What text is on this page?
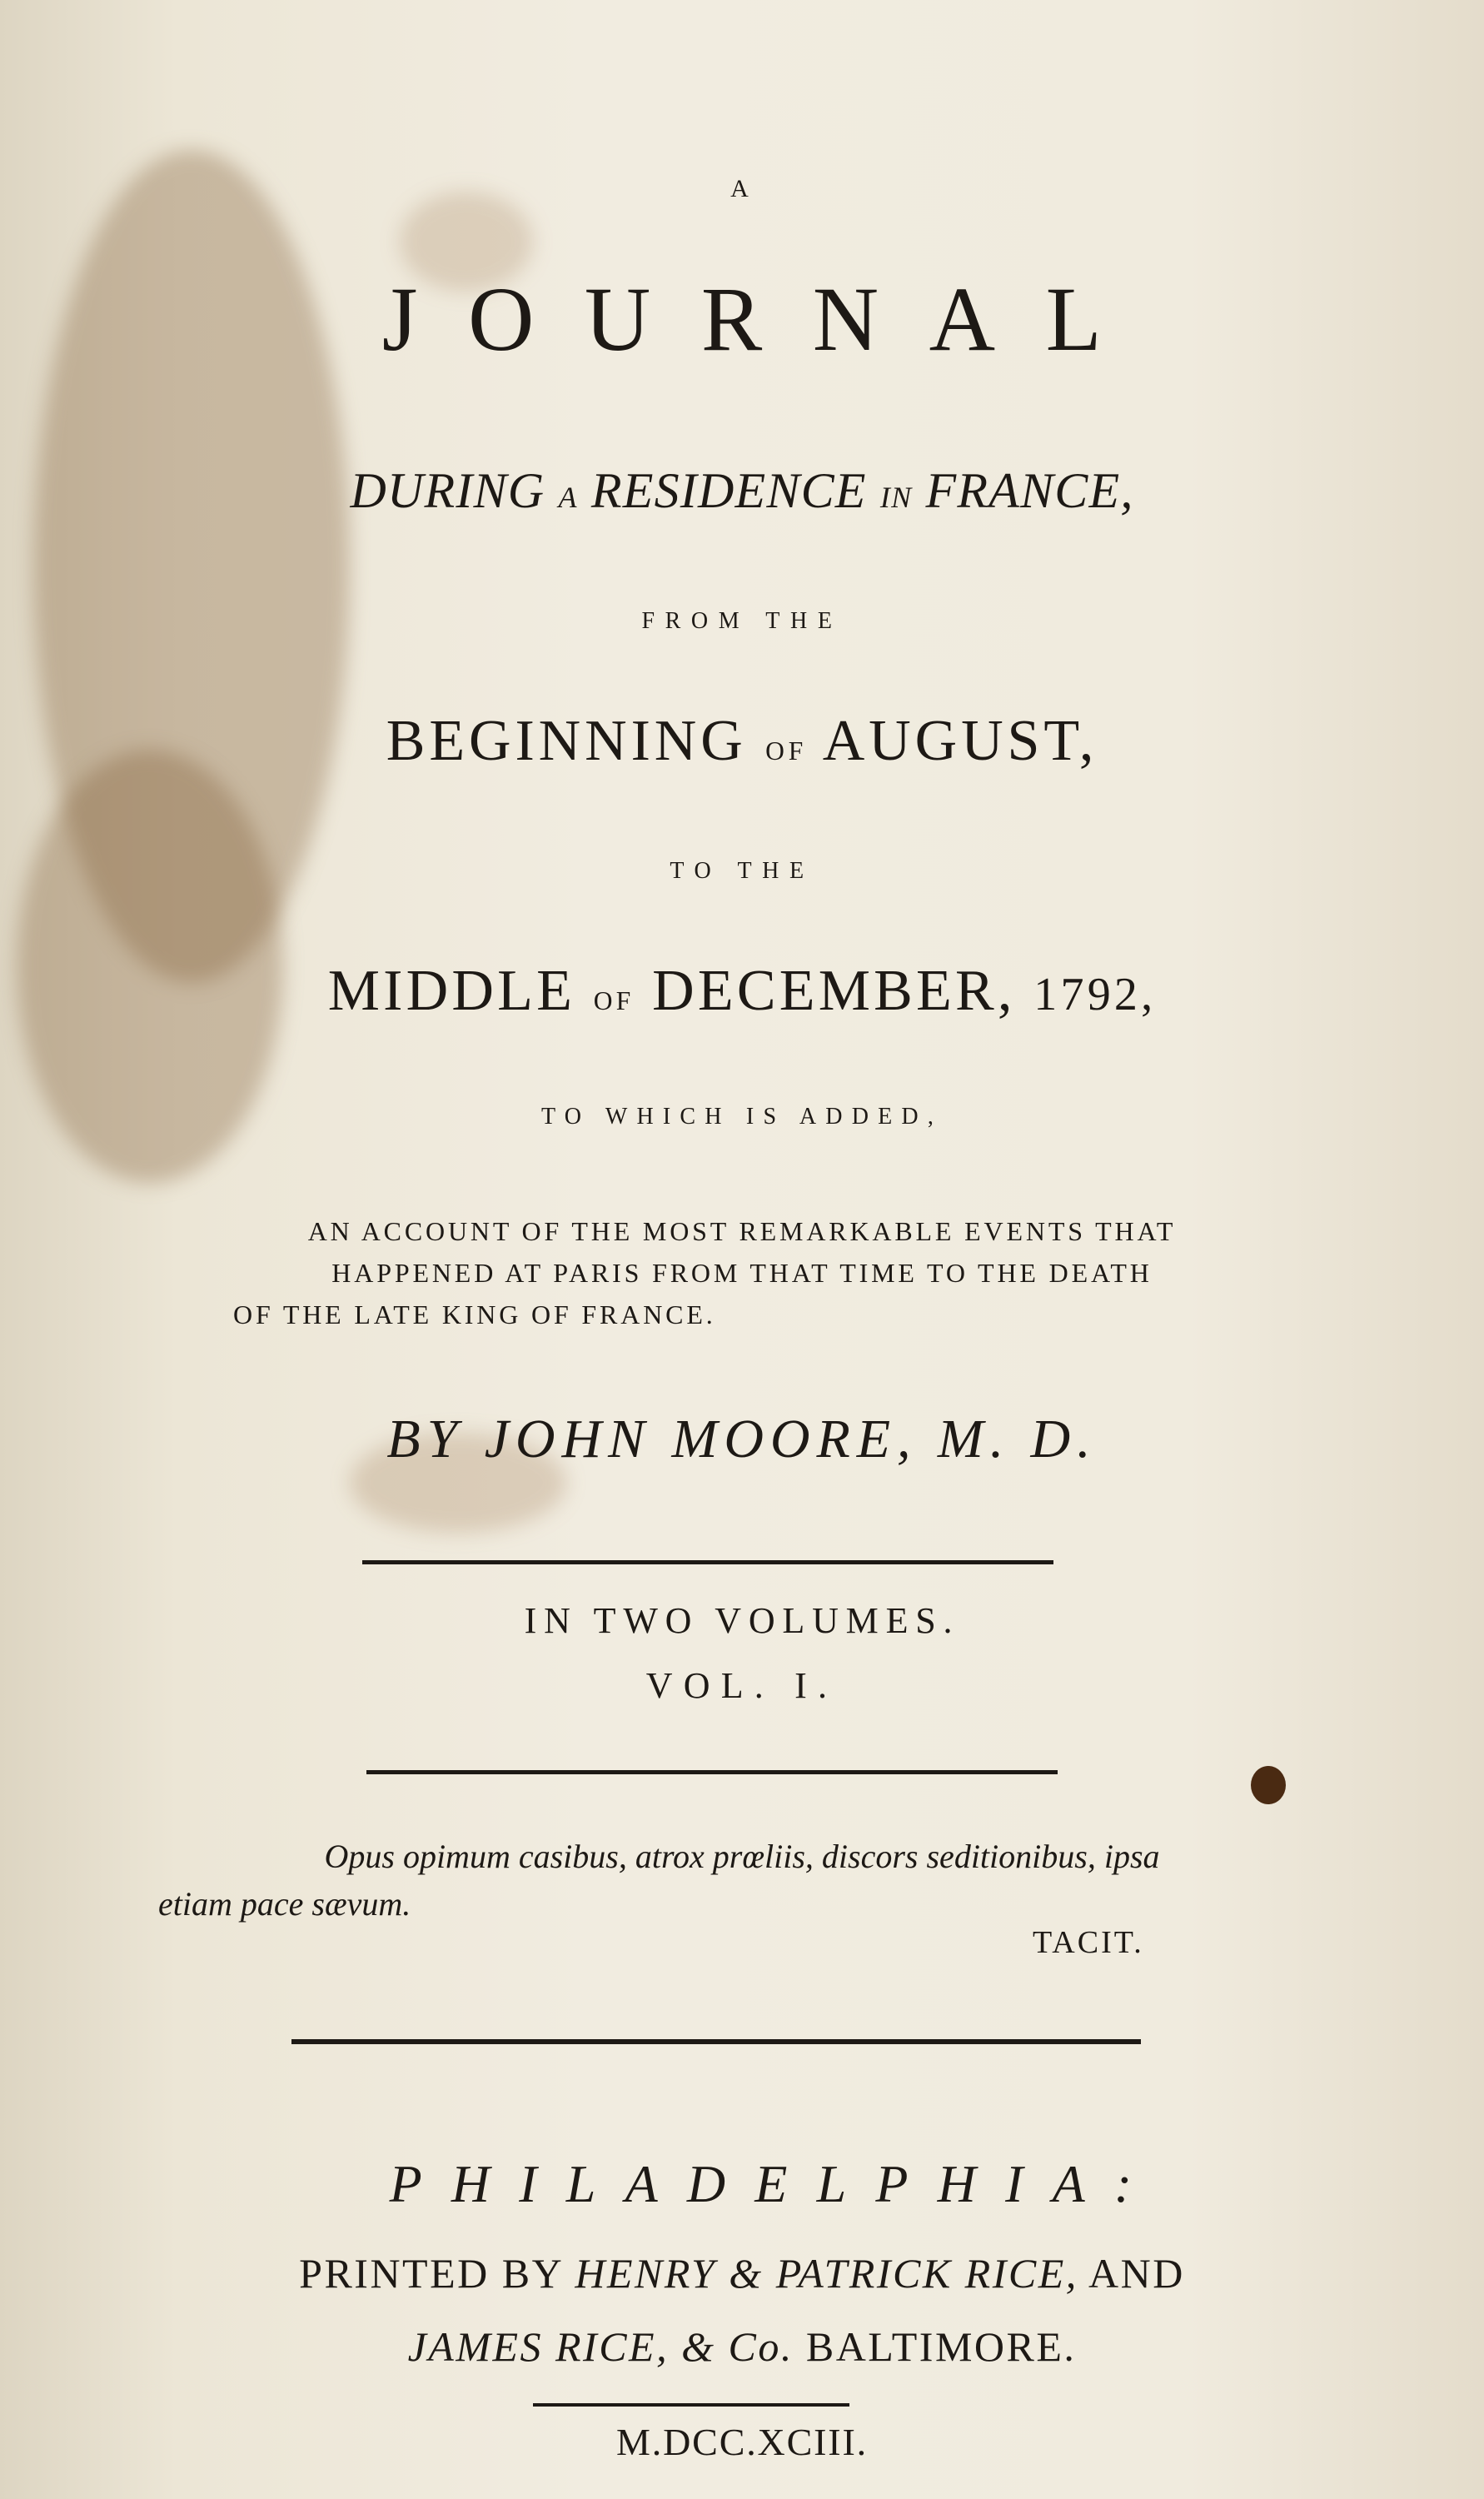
A
JOURNAL
DURING A RESIDENCE IN FRANCE,
FROM THE
BEGINNING OF AUGUST,
TO THE
MIDDLE OF DECEMBER, 1792,
TO WHICH IS ADDED,
AN ACCOUNT OF THE MOST REMARKABLE EVENTS THAT
HAPPENED AT PARIS FROM THAT TIME TO THE DEATH
OF THE LATE KING OF FRANCE.
BY JOHN MOORE, M. D.
IN TWO VOLUMES.
VOL. I.
Opus opimum casibus, atrox prœliis, discors seditionibus, ipsa
etiam pace sævum.
TACIT.
PHILADELPHIA:
PRINTED BY HENRY & PATRICK RICE, AND
JAMES RICE, & Co. BALTIMORE.
M.DCC.XCIII.
